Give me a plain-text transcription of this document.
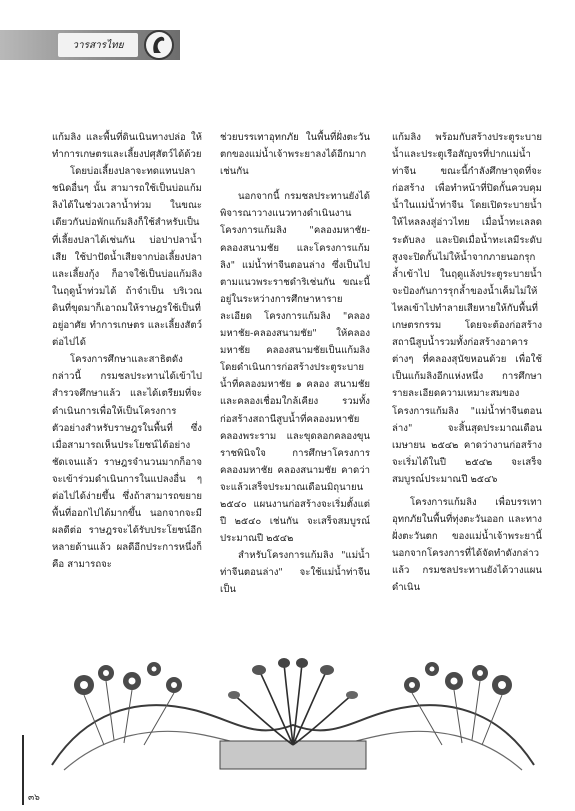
วารสารไทย

แก้มลิง และพื้นที่ดินเนินทางปล่อ ให้ทำการเกษตรและเลี้ยงปศุสัตว์ได้ด้วย

โดยบ่อเลี้ยงปลาจะทดแทนปลาชนิดอื่นๆ นั้น สามารถใช้เป็นบ่อแก้มลิงได้ในช่วงเวลาน้ำท่วม ในขณะเดียวกันบ่อพักแก้มลิงก็ใช้สำหรับเป็นที่เลี้ยงปลาได้เช่นกัน บ่อปาปลาน้ำเสีย ใช้ปาปัดน้ำเสียจากบ่อเลี้ยงปลาและเลี้ยงกุ้ง ก็อาจใช้เป็นบ่อแก้มลิงในฤดูน้ำท่วมได้ ถ้าจำเป็น บริเวณดินที่ขุดมาก็เอาถมให้ราษฎรใช้เป็นที่อยู่อาศัย ทำการเกษตร และเลี้ยงสัตว์ต่อไปได้

โครงการศึกษาและสาธิตดังกล่าวนี้ กรมชลประทานได้เข้าไปสำรวจศึกษาแล้ว และได้เตรียมที่จะดำเนินการเพื่อให้เป็นโครงการตัวอย่างสำหรับราษฎรในพื้นที่ ซึ่งเมื่อสามารถเห็นประโยชน์ได้อย่างชัดเจนแล้ว ราษฎรจำนวนมากก็อาจจะเข้าร่วมดำเนินการในแปลงอื่น ๆ ต่อไปได้ง่ายขึ้น ซึ่งถ้าสามารถขยายพื้นที่ออกไปได้มากขึ้น นอกจากจะมีผลดีต่อ ราษฎรจะได้รับประโยชน์อีกหลายด้านแล้ว ผลดีอีกประการหนึ่งก็คือ สามารถจะ

ช่วยบรรเทาอุทกภัย ในพื้นที่ฝั่งตะวันตกของแม่น้ำเจ้าพระยาลงได้อีกมากเช่นกัน

นอกจากนี้ กรมชลประทานยังได้พิจารณาวางแนวทางดำเนินงานโครงการแก้มลิง "คลองมหาชัย-คลองสนามชัย และโครงการแก้มลิง" แม่น้ำท่าจีนตอนล่าง ซึ่งเป็นไปตามแนวพระราชดำริเช่นกัน ขณะนี้อยู่ในระหว่างการศึกษาหารายละเอียด โครงการแก้มลิง "คลองมหาชัย-คลองสนามชัย" ให้คลองมหาชัย คลองสนามชัยเป็นแก้มลิง โดยดำเนินการก่อสร้างประตูระบายน้ำที่คลองมหาชัย ๑ คลอง สนามชัยและคลองเชื่อมใกล้เคียง รวมทั้งก่อสร้างสถานีสูบน้ำที่คลองมหาชัย คลองพระราม และขุดลอกคลองขุนราชพินิจใจ การศึกษาโครงการ คลองมหาชัย คลองสนามชัย คาดว่าจะแล้วเสร็จประมาณเดือนมิถุนายน ๒๕๔๐ แผนงานก่อสร้างจะเริ่มตั้งแต่ปี ๒๕๔๐ เช่นกัน จะเสร็จสมบูรณ์ประมาณปี ๒๕๔๒

สำหรับโครงการแก้มลิง "แม่น้ำท่าจีนตอนล่าง" จะใช้แม่น้ำท่าจีนเป็น

แก้มลิง พร้อมกับสร้างประตูระบายน้ำและประตูเรือสัญจรที่ปากแม่น้ำท่าจีน ขณะนี้กำลังศึกษาจุดที่จะก่อสร้าง เพื่อทำหน้าที่ปิดกั้นควบคุมน้ำในแม่น้ำท่าจีน โดยเปิดระบายน้ำให้ไหลลงสู่อ่าวไทย เมื่อน้ำทะเลลดระดับลง และปิดเมื่อน้ำทะเลมีระดับสูงจะปิดกั้นไม่ให้น้ำจากภายนอกรุกล้ำเข้าไป ในฤดูแล้งประตูระบายน้ำ จะป้องกันการรุกล้ำของน้ำเค็มไม่ให้ไหลเข้าไปทำลายเสียหายให้กับพื้นที่เกษตรกรรม โดยจะต้องก่อสร้างสถานีสูบน้ำรวมทั้งก่อสร้างอาคารต่างๆ ที่คลองสุนัขหอนด้วย เพื่อใช้เป็นแก้มลิงอีกแห่งหนึ่ง การศึกษารายละเอียดความเหมาะสมของโครงการแก้มลิง "แม่น้ำท่าจีนตอนล่าง" จะสิ้นสุดประมาณเดือนเมษายน ๒๕๔๒ คาดว่างานก่อสร้างจะเริ่มได้ในปี ๒๕๔๒ จะเสร็จสมบูรณ์ประมาณปี ๒๕๔๖

โครงการแก้มลิง เพื่อบรรเทาอุทกภัยในพื้นที่ทุ่งตะวันออก และทางฝั่งตะวันตก ของแม่น้ำเจ้าพระยานี้ นอกจากโครงการที่ได้จัดทำดังกล่าวแล้ว กรมชลประทานยังได้วางแผนดำเนิน

๓๖
